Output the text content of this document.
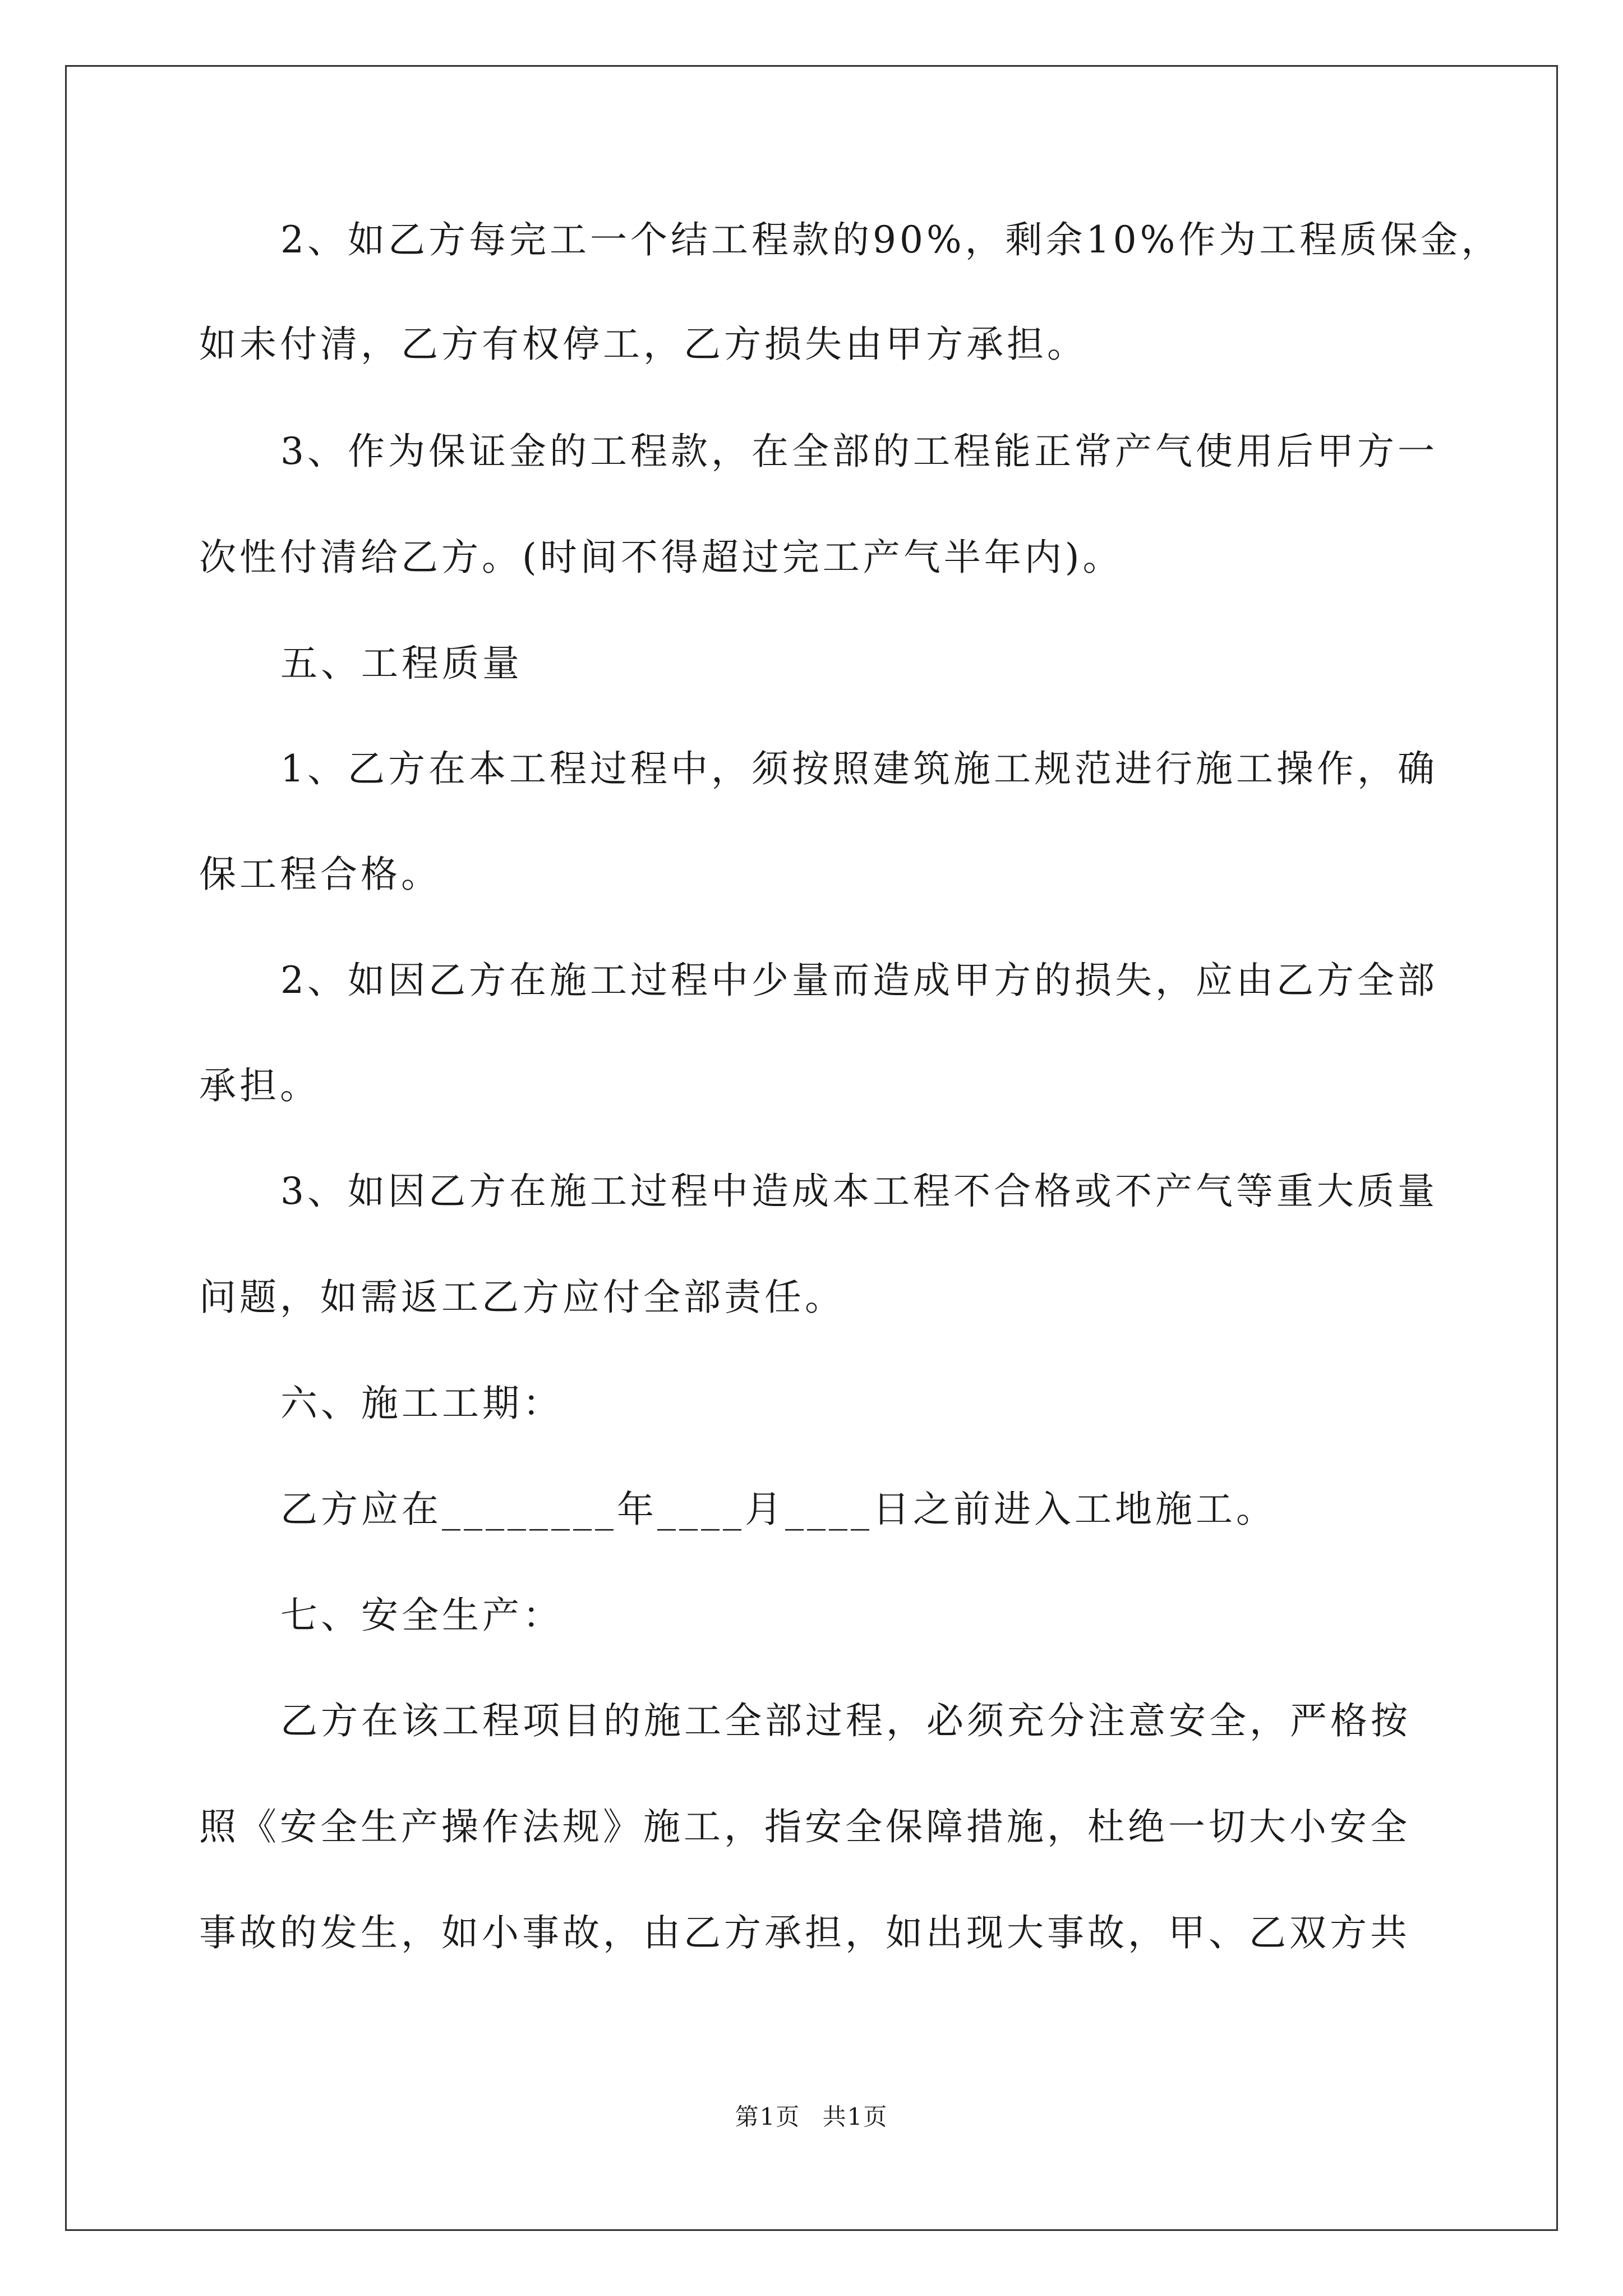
2、如乙方每完工一个结工程款的90%，剩余10%作为工程质保金，
如未付清，乙方有权停工，乙方损失由甲方承担。
3、作为保证金的工程款，在全部的工程能正常产气使用后甲方一
次性付清给乙方。(时间不得超过完工产气半年内)。
五、工程质量
1、乙方在本工程过程中，须按照建筑施工规范进行施工操作，确
保工程合格。
2、如因乙方在施工过程中少量而造成甲方的损失，应由乙方全部
承担。
3、如因乙方在施工过程中造成本工程不合格或不产气等重大质量
问题，如需返工乙方应付全部责任。
六、施工工期：
乙方应在________年____月____日之前进入工地施工。
七、安全生产：
乙方在该工程项目的施工全部过程，必须充分注意安全，严格按
照《安全生产操作法规》施工，指安全保障措施，杜绝一切大小安全
事故的发生，如小事故，由乙方承担，如出现大事故，甲、乙双方共
第1页 共1页
